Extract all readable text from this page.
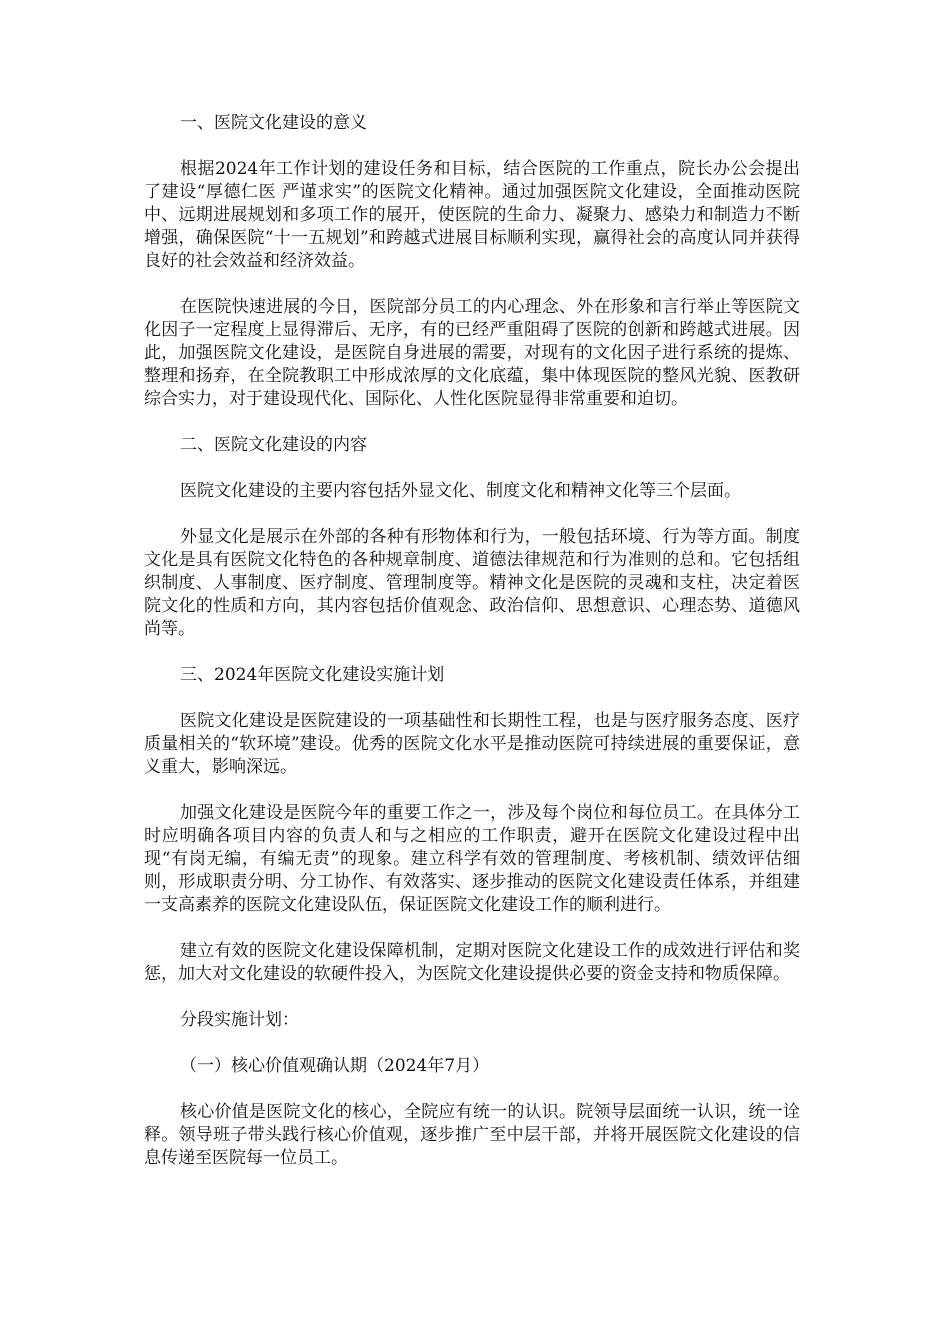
一、医院文化建设的意义

根据2024年工作计划的建设任务和目标，结合医院的工作重点，院长办公会提出了建设“厚德仁医 严谨求实”的医院文化精神。通过加强医院文化建设，全面推动医院中、远期进展规划和多项工作的展开，使医院的生命力、凝聚力、感染力和制造力不断增强，确保医院“十一五规划”和跨越式进展目标顺利实现，赢得社会的高度认同并获得良好的社会效益和经济效益。

在医院快速进展的今日，医院部分员工的内心理念、外在形象和言行举止等医院文化因子一定程度上显得滞后、无序，有的已经严重阻碍了医院的创新和跨越式进展。因此，加强医院文化建设，是医院自身进展的需要，对现有的文化因子进行系统的提炼、整理和扬弃，在全院教职工中形成浓厚的文化底蕴，集中体现医院的整风光貌、医教研综合实力，对于建设现代化、国际化、人性化医院显得非常重要和迫切。

二、医院文化建设的内容

医院文化建设的主要内容包括外显文化、制度文化和精神文化等三个层面。

外显文化是展示在外部的各种有形物体和行为，一般包括环境、行为等方面。制度文化是具有医院文化特色的各种规章制度、道德法律规范和行为准则的总和。它包括组织制度、人事制度、医疗制度、管理制度等。精神文化是医院的灵魂和支柱，决定着医院文化的性质和方向，其内容包括价值观念、政治信仰、思想意识、心理态势、道德风尚等。

三、2024年医院文化建设实施计划

医院文化建设是医院建设的一项基础性和长期性工程，也是与医疗服务态度、医疗质量相关的“软环境”建设。优秀的医院文化水平是推动医院可持续进展的重要保证，意义重大，影响深远。

加强文化建设是医院今年的重要工作之一，涉及每个岗位和每位员工。在具体分工时应明确各项目内容的负责人和与之相应的工作职责，避开在医院文化建设过程中出现“有岗无编，有编无责”的现象。建立科学有效的管理制度、考核机制、绩效评估细则，形成职责分明、分工协作、有效落实、逐步推动的医院文化建设责任体系，并组建一支高素养的医院文化建设队伍，保证医院文化建设工作的顺利进行。

建立有效的医院文化建设保障机制，定期对医院文化建设工作的成效进行评估和奖惩，加大对文化建设的软硬件投入，为医院文化建设提供必要的资金支持和物质保障。

分段实施计划：

（一）核心价值观确认期（2024年7月）

核心价值是医院文化的核心，全院应有统一的认识。院领导层面统一认识，统一诠释。领导班子带头践行核心价值观，逐步推广至中层干部，并将开展医院文化建设的信息传递至医院每一位员工。
